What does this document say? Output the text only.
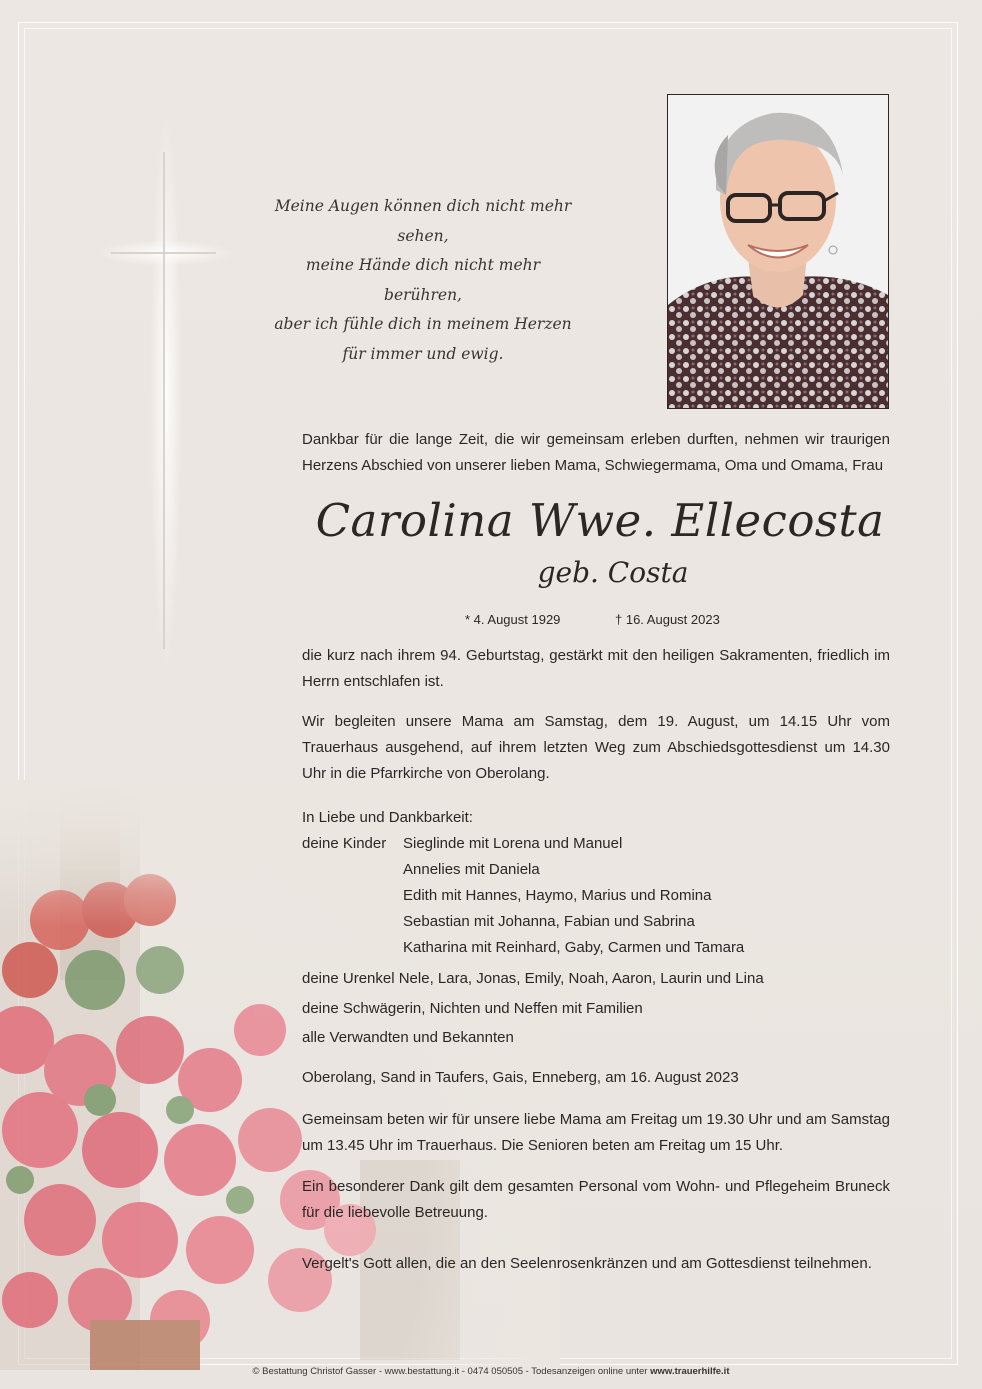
Meine Augen können dich nicht mehr sehen,
meine Hände dich nicht mehr berühren,
aber ich fühle dich in meinem Herzen
für immer und ewig.
Dankbar für die lange Zeit, die wir gemeinsam erleben durften, nehmen wir traurigen Herzens Abschied von unserer lieben Mama, Schwiegermama, Oma und Omama, Frau
Carolina Wwe. Ellecosta
geb. Costa
* 4. August 1929	† 16. August 2023
die kurz nach ihrem 94. Geburtstag, gestärkt mit den heiligen Sakramenten, friedlich im Herrn entschlafen ist.
Wir begleiten unsere Mama am Samstag, dem 19. August, um 14.15 Uhr vom Trauerhaus ausgehend, auf ihrem letzten Weg zum Abschiedsgottesdienst um 14.30 Uhr in die Pfarrkirche von Oberolang.
In Liebe und Dankbarkeit:
deine Kinder Sieglinde mit Lorena und Manuel
Annelies mit Daniela
Edith mit Hannes, Haymo, Marius und Romina
Sebastian mit Johanna, Fabian und Sabrina
Katharina mit Reinhard, Gaby, Carmen und Tamara
deine Urenkel Nele, Lara, Jonas, Emily, Noah, Aaron, Laurin und Lina
deine Schwägerin, Nichten und Neffen mit Familien
alle Verwandten und Bekannten
Oberolang, Sand in Taufers, Gais, Enneberg, am 16. August 2023
Gemeinsam beten wir für unsere liebe Mama am Freitag um 19.30 Uhr und am Samstag um 13.45 Uhr im Trauerhaus. Die Senioren beten am Freitag um 15 Uhr.
Ein besonderer Dank gilt dem gesamten Personal vom Wohn- und Pflegeheim Bruneck für die liebevolle Betreuung.
Vergelt's Gott allen, die an den Seelenrosenkränzen und am Gottesdienst teilnehmen.
© Bestattung Christof Gasser - www.bestattung.it - 0474 050505 - Todesanzeigen online unter www.trauerhilfe.it
